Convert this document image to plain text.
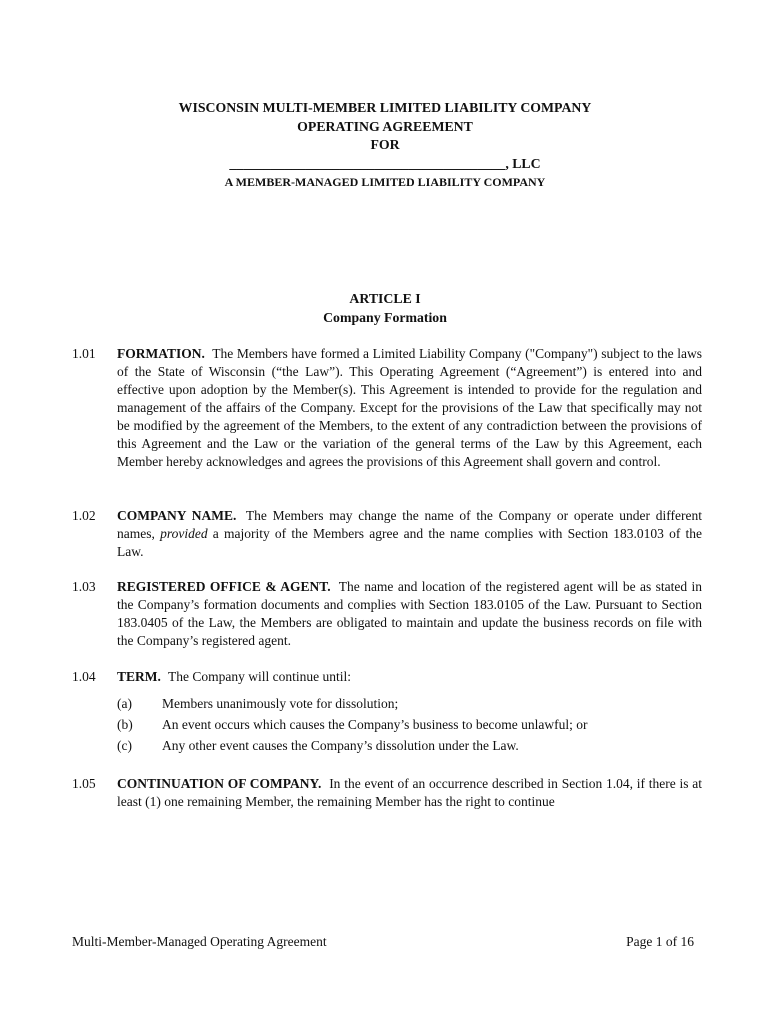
WISCONSIN MULTI-MEMBER LIMITED LIABILITY COMPANY
OPERATING AGREEMENT
FOR
________________________________________, LLC
A MEMBER-MANAGED LIMITED LIABILITY COMPANY
ARTICLE I
Company Formation
1.01	FORMATION. The Members have formed a Limited Liability Company ("Company") subject to the laws of the State of Wisconsin (“the Law”). This Operating Agreement (“Agreement”) is entered into and effective upon adoption by the Member(s). This Agreement is intended to provide for the regulation and management of the affairs of the Company. Except for the provisions of the Law that specifically may not be modified by the agreement of the Members, to the extent of any contradiction between the provisions of this Agreement and the Law or the variation of the general terms of the Law by this Agreement, each Member hereby acknowledges and agrees the provisions of this Agreement shall govern and control.
1.02	COMPANY NAME. The Members may change the name of the Company or operate under different names, provided a majority of the Members agree and the name complies with Section 183.0103 of the Law.
1.03	REGISTERED OFFICE & AGENT. The name and location of the registered agent will be as stated in the Company’s formation documents and complies with Section 183.0105 of the Law. Pursuant to Section 183.0405 of the Law, the Members are obligated to maintain and update the business records on file with the Company’s registered agent.
1.04	TERM. The Company will continue until:
(a)	Members unanimously vote for dissolution;
(b)	An event occurs which causes the Company’s business to become unlawful; or
(c)	Any other event causes the Company’s dissolution under the Law.
1.05	CONTINUATION OF COMPANY. In the event of an occurrence described in Section 1.04, if there is at least (1) one remaining Member, the remaining Member has the right to continue
Multi-Member-Managed Operating Agreement	Page 1 of 16
